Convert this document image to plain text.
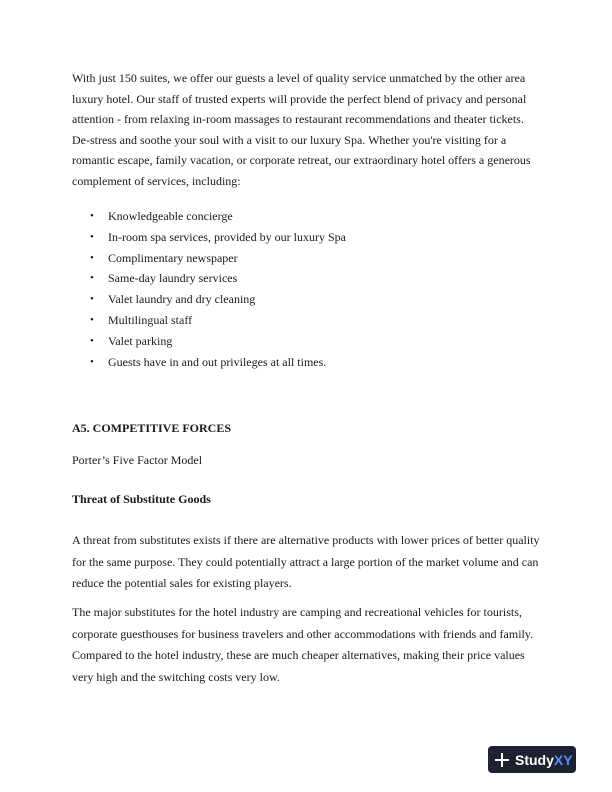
With just 150 suites, we offer our guests a level of quality service unmatched by the other area luxury hotel. Our staff of trusted experts will provide the perfect blend of privacy and personal attention - from relaxing in-room massages to restaurant recommendations and theater tickets. De-stress and soothe your soul with a visit to our luxury Spa. Whether you're visiting for a romantic escape, family vacation, or corporate retreat, our extraordinary hotel offers a generous complement of services, including:

• Knowledgeable concierge
• In-room spa services, provided by our luxury Spa
• Complimentary newspaper
• Same-day laundry services
• Valet laundry and dry cleaning
• Multilingual staff
• Valet parking
• Guests have in and out privileges at all times.
A5. COMPETITIVE FORCES

Porter’s Five Factor Model

Threat of Substitute Goods

A threat from substitutes exists if there are alternative products with lower prices of better quality for the same purpose. They could potentially attract a large portion of the market volume and can reduce the potential sales for existing players.

The major substitutes for the hotel industry are camping and recreational vehicles for tourists, corporate guesthouses for business travelers and other accommodations with friends and family. Compared to the hotel industry, these are much cheaper alternatives, making their price values very high and the switching costs very low.

Study XY
